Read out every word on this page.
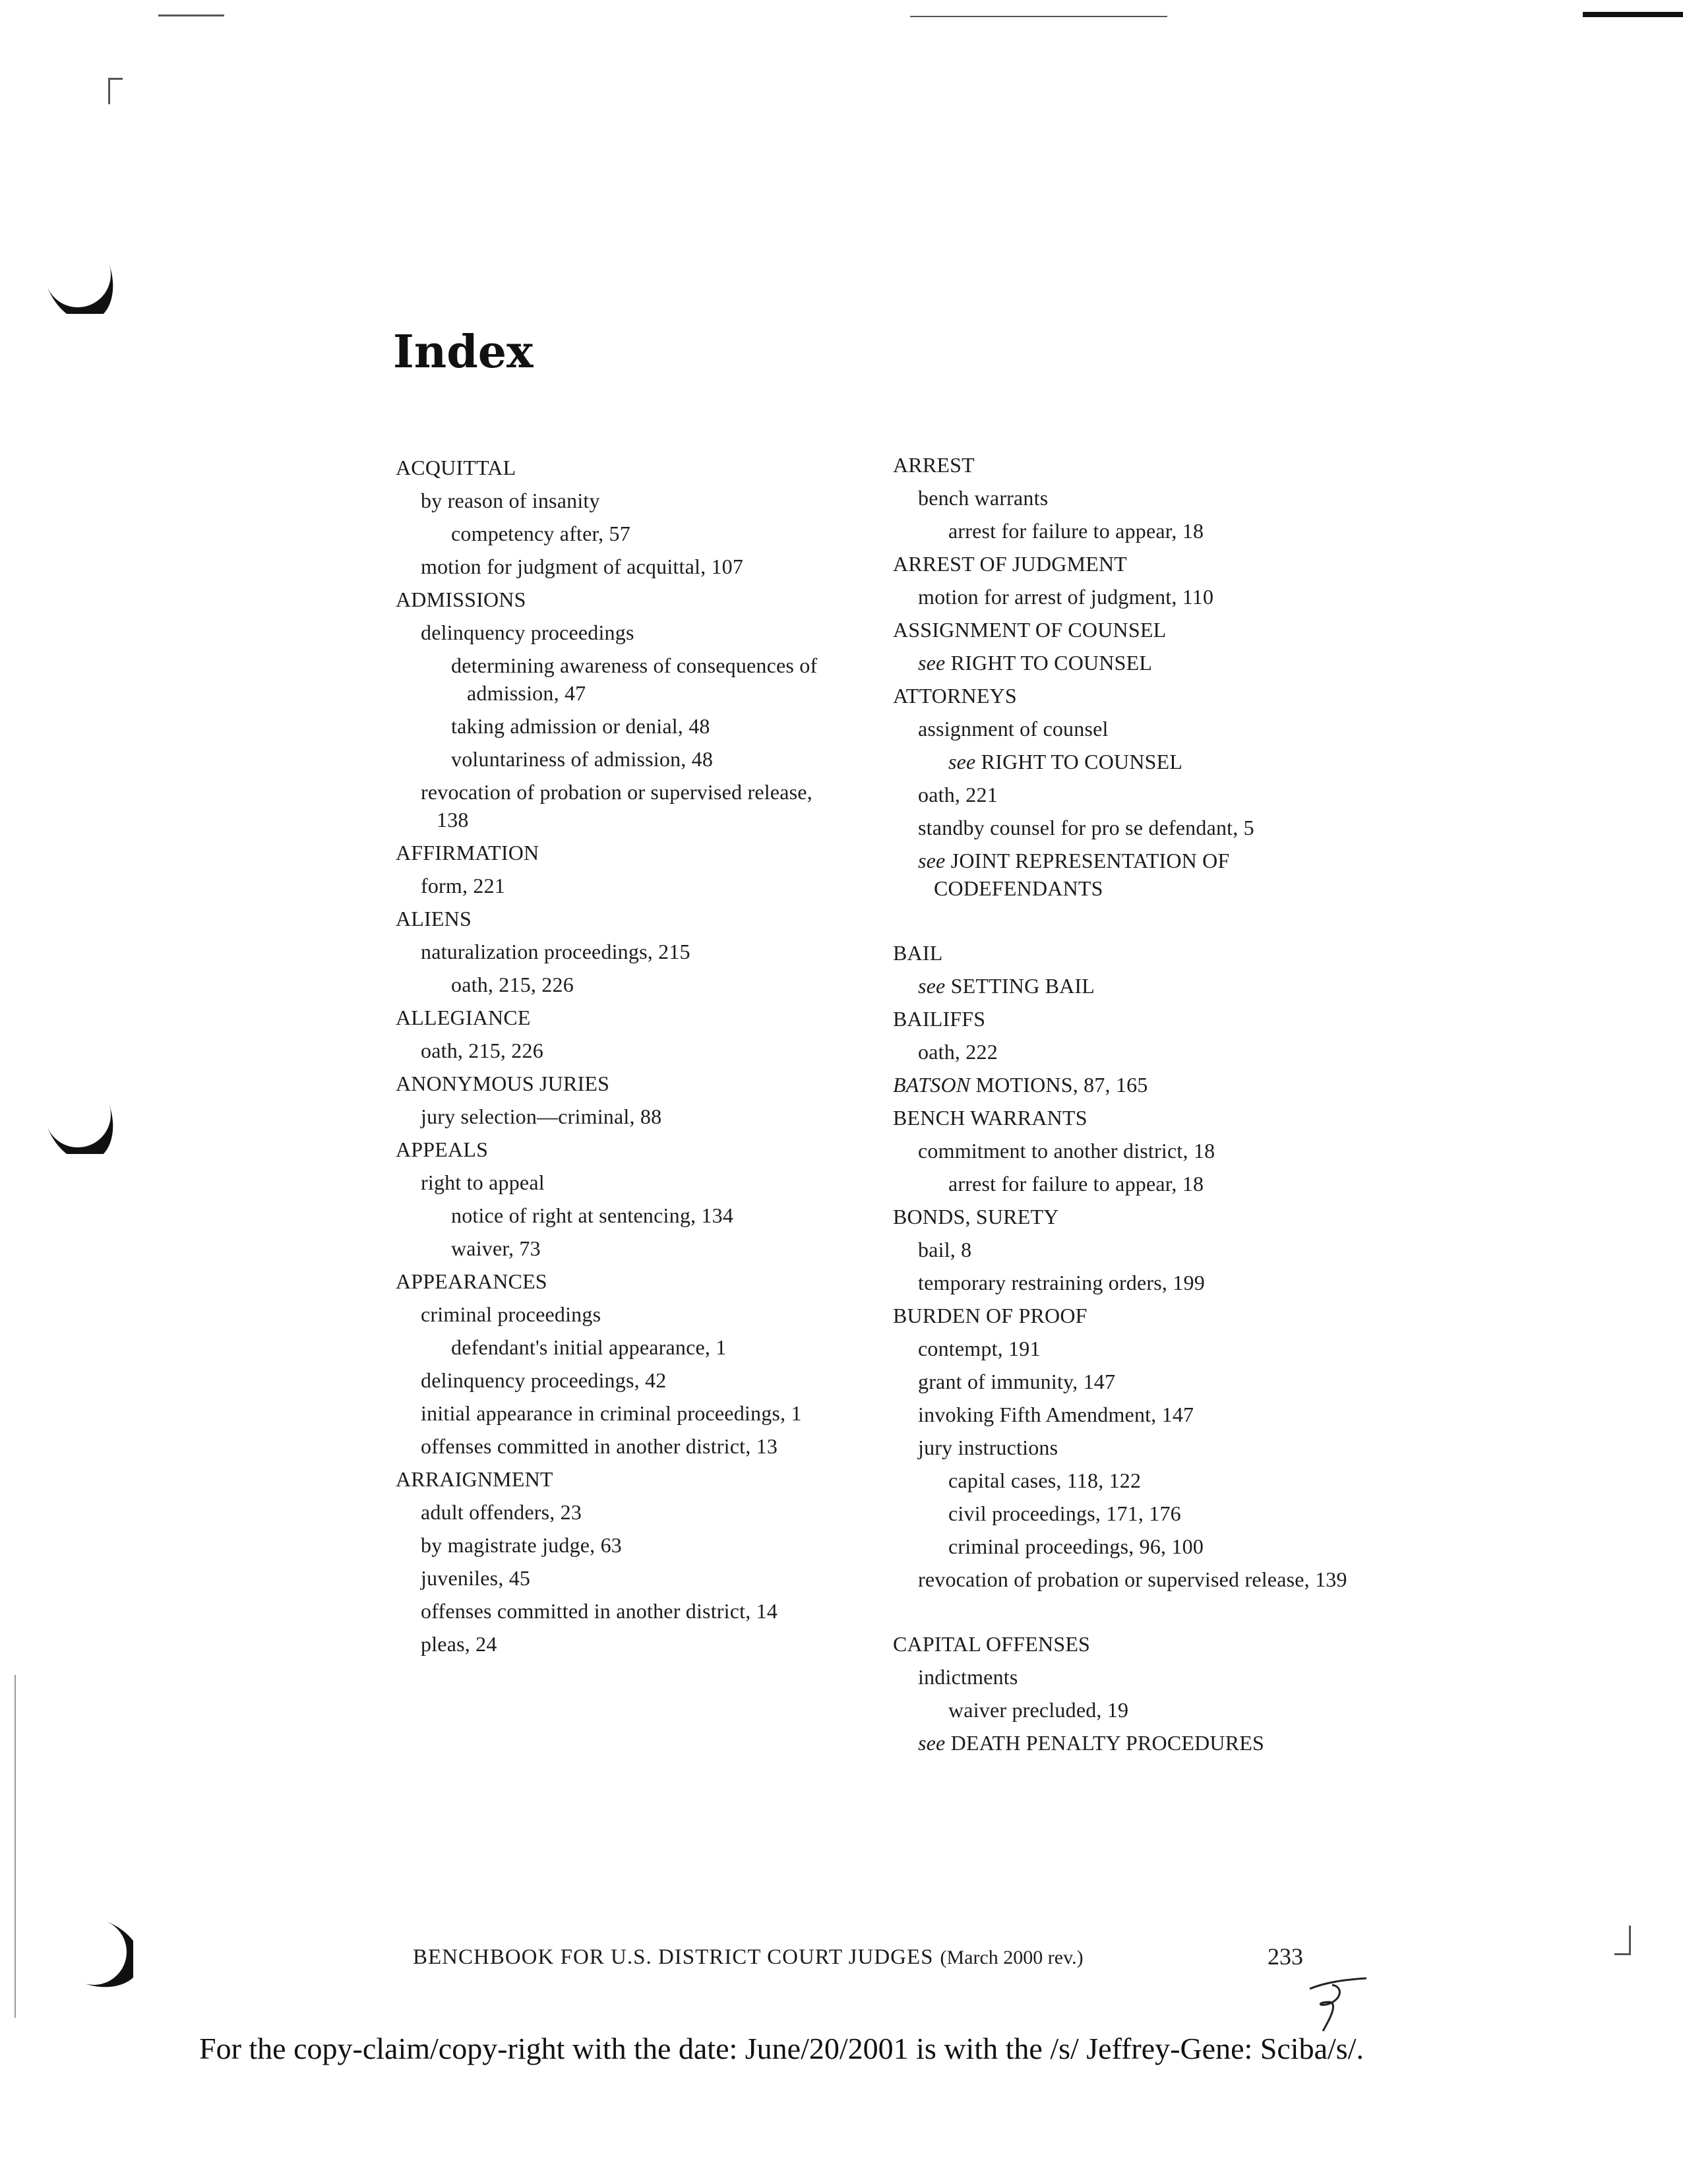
Index
ACQUITTAL
by reason of insanity
competency after, 57
motion for judgment of acquittal, 107
ADMISSIONS
delinquency proceedings
determining awareness of consequences of admission, 47
taking admission or denial, 48
voluntariness of admission, 48
revocation of probation or supervised release, 138
AFFIRMATION
form, 221
ALIENS
naturalization proceedings, 215
oath, 215, 226
ALLEGIANCE
oath, 215, 226
ANONYMOUS JURIES
jury selection—criminal, 88
APPEALS
right to appeal
notice of right at sentencing, 134
waiver, 73
APPEARANCES
criminal proceedings
defendant's initial appearance, 1
delinquency proceedings, 42
initial appearance in criminal proceedings, 1
offenses committed in another district, 13
ARRAIGNMENT
adult offenders, 23
by magistrate judge, 63
juveniles, 45
offenses committed in another district, 14
pleas, 24
ARREST
bench warrants
arrest for failure to appear, 18
ARREST OF JUDGMENT
motion for arrest of judgment, 110
ASSIGNMENT OF COUNSEL
see RIGHT TO COUNSEL
ATTORNEYS
assignment of counsel
see RIGHT TO COUNSEL
oath, 221
standby counsel for pro se defendant, 5
see JOINT REPRESENTATION OF CODEFENDANTS
BAIL
see SETTING BAIL
BAILIFFS
oath, 222
BATSON MOTIONS, 87, 165
BENCH WARRANTS
commitment to another district, 18
arrest for failure to appear, 18
BONDS, SURETY
bail, 8
temporary restraining orders, 199
BURDEN OF PROOF
contempt, 191
grant of immunity, 147
invoking Fifth Amendment, 147
jury instructions
capital cases, 118, 122
civil proceedings, 171, 176
criminal proceedings, 96, 100
revocation of probation or supervised release, 139
CAPITAL OFFENSES
indictments
waiver precluded, 19
see DEATH PENALTY PROCEDURES
BENCHBOOK FOR U.S. DISTRICT COURT JUDGES (March 2000 rev.)	233
For the copy-claim/copy-right with the date: June/20/2001 is with the /s/ Jeffrey-Gene: Sciba/s/.
